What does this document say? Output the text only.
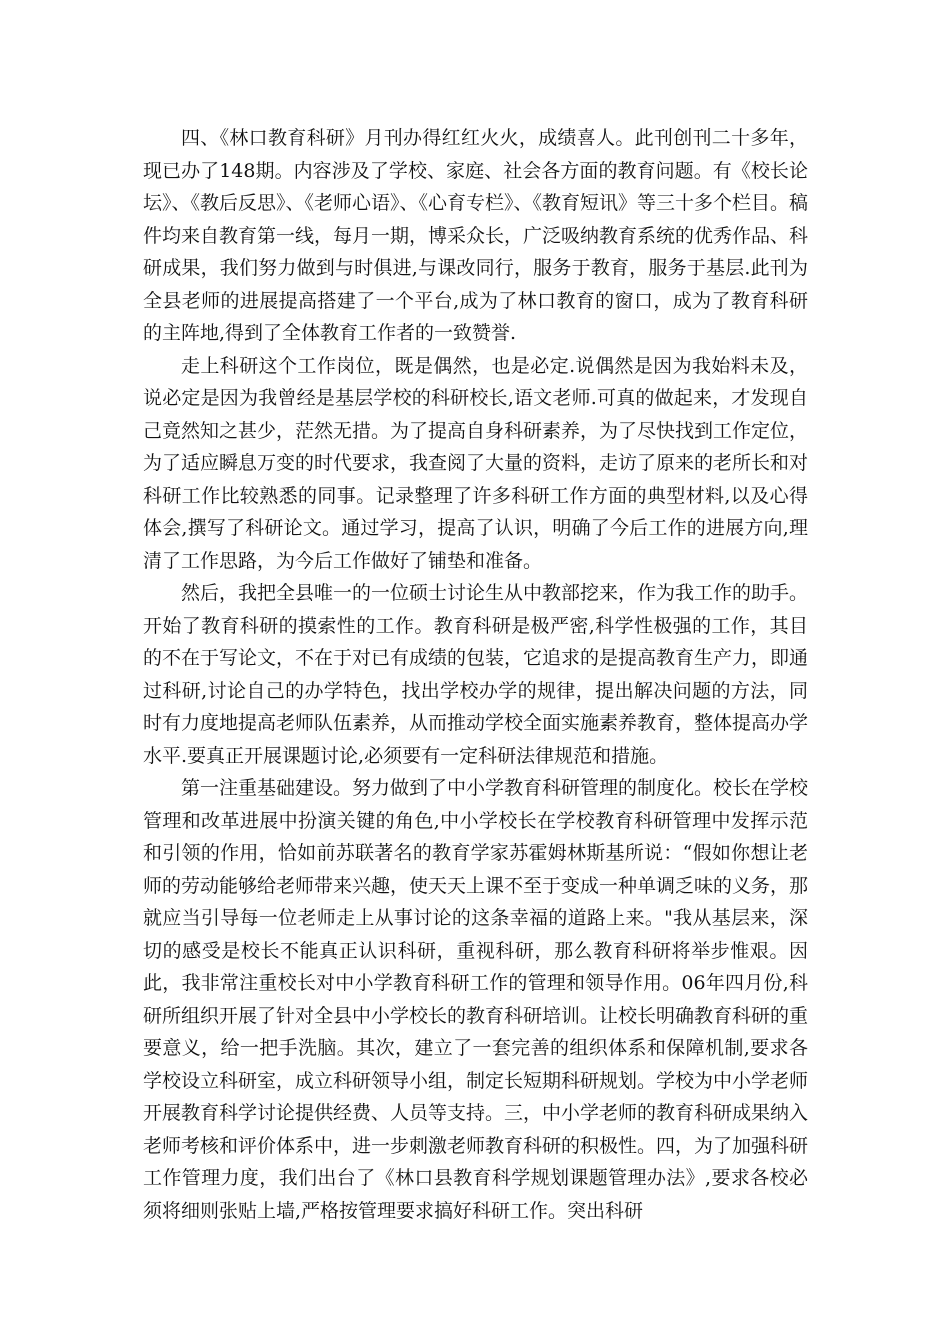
四、《林口教育科研》月刊办得红红火火，成绩喜人。此刊创刊二十多年，现已办了148期。内容涉及了学校、家庭、社会各方面的教育问题。有《校长论坛》、《教后反思》、《老师心语》、《心育专栏》、《教育短讯》等三十多个栏目。稿件均来自教育第一线，每月一期，博采众长，广泛吸纳教育系统的优秀作品、科研成果，我们努力做到与时俱进,与课改同行，服务于教育，服务于基层.此刊为全县老师的进展提高搭建了一个平台,成为了林口教育的窗口，成为了教育科研的主阵地,得到了全体教育工作者的一致赞誉.

走上科研这个工作岗位，既是偶然，也是必定.说偶然是因为我始料未及，说必定是因为我曾经是基层学校的科研校长,语文老师.可真的做起来，才发现自己竟然知之甚少，茫然无措。为了提高自身科研素养，为了尽快找到工作定位，为了适应瞬息万变的时代要求，我查阅了大量的资料，走访了原来的老所长和对科研工作比较熟悉的同事。记录整理了许多科研工作方面的典型材料,以及心得体会,撰写了科研论文。通过学习，提高了认识，明确了今后工作的进展方向,理清了工作思路，为今后工作做好了铺垫和准备。

然后，我把全县唯一的一位硕士讨论生从中教部挖来，作为我工作的助手。开始了教育科研的摸索性的工作。教育科研是极严密,科学性极强的工作，其目的不在于写论文，不在于对已有成绩的包装，它追求的是提高教育生产力，即通过科研,讨论自己的办学特色，找出学校办学的规律，提出解决问题的方法，同时有力度地提高老师队伍素养，从而推动学校全面实施素养教育，整体提高办学水平.要真正开展课题讨论,必须要有一定科研法律规范和措施。

第一注重基础建设。努力做到了中小学教育科研管理的制度化。校长在学校管理和改革进展中扮演关键的角色,中小学校长在学校教育科研管理中发挥示范和引领的作用，恰如前苏联著名的教育学家苏霍姆林斯基所说：“假如你想让老师的劳动能够给老师带来兴趣，使天天上课不至于变成一种单调乏味的义务，那就应当引导每一位老师走上从事讨论的这条幸福的道路上来。"我从基层来，深切的感受是校长不能真正认识科研，重视科研，那么教育科研将举步惟艰。因此，我非常注重校长对中小学教育科研工作的管理和领导作用。06年四月份,科研所组织开展了针对全县中小学校长的教育科研培训。让校长明确教育科研的重要意义，给一把手洗脑。其次，建立了一套完善的组织体系和保障机制,要求各学校设立科研室，成立科研领导小组，制定长短期科研规划。学校为中小学老师开展教育科学讨论提供经费、人员等支持。三，中小学老师的教育科研成果纳入老师考核和评价体系中，进一步刺激老师教育科研的积极性。四，为了加强科研工作管理力度，我们出台了《林口县教育科学规划课题管理办法》,要求各校必须将细则张贴上墙,严格按管理要求搞好科研工作。突出科研
